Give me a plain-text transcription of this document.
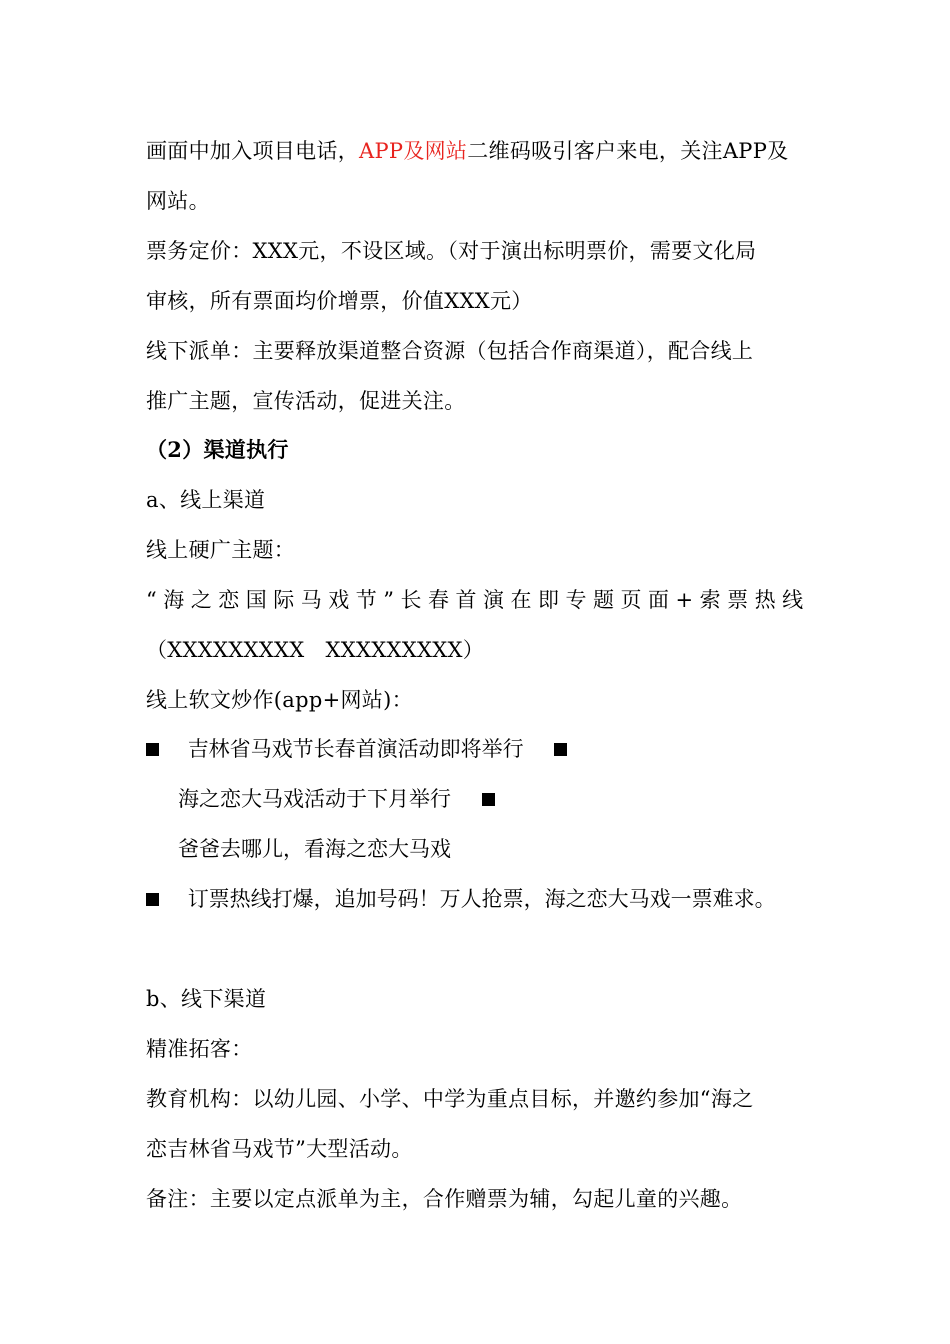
画面中加入项目电话，APP及网站二维码吸引客户来电，关注APP及
网站。
票务定价：XXX元，不设区域。（对于演出标明票价，需要文化局
审核，所有票面均价增票，价值XXX元）
线下派单：主要释放渠道整合资源（包括合作商渠道），配合线上
推广主题，宣传活动，促进关注。
（2）渠道执行
a、线上渠道
线上硬广主题：
“海之恋国际马戏节”长春首演在即专题页面+索票热线
（XXXXXXXXX   XXXXXXXXX）
线上软文炒作(app+网站)：
吉林省马戏节长春首演活动即将举行
海之恋大马戏活动于下月举行
爸爸去哪儿，看海之恋大马戏
订票热线打爆，追加号码！万人抢票，海之恋大马戏一票难求。
b、线下渠道
精准拓客：
教育机构：以幼儿园、小学、中学为重点目标，并邀约参加“海之
恋吉林省马戏节”大型活动。
备注：主要以定点派单为主，合作赠票为辅，勾起儿童的兴趣。
